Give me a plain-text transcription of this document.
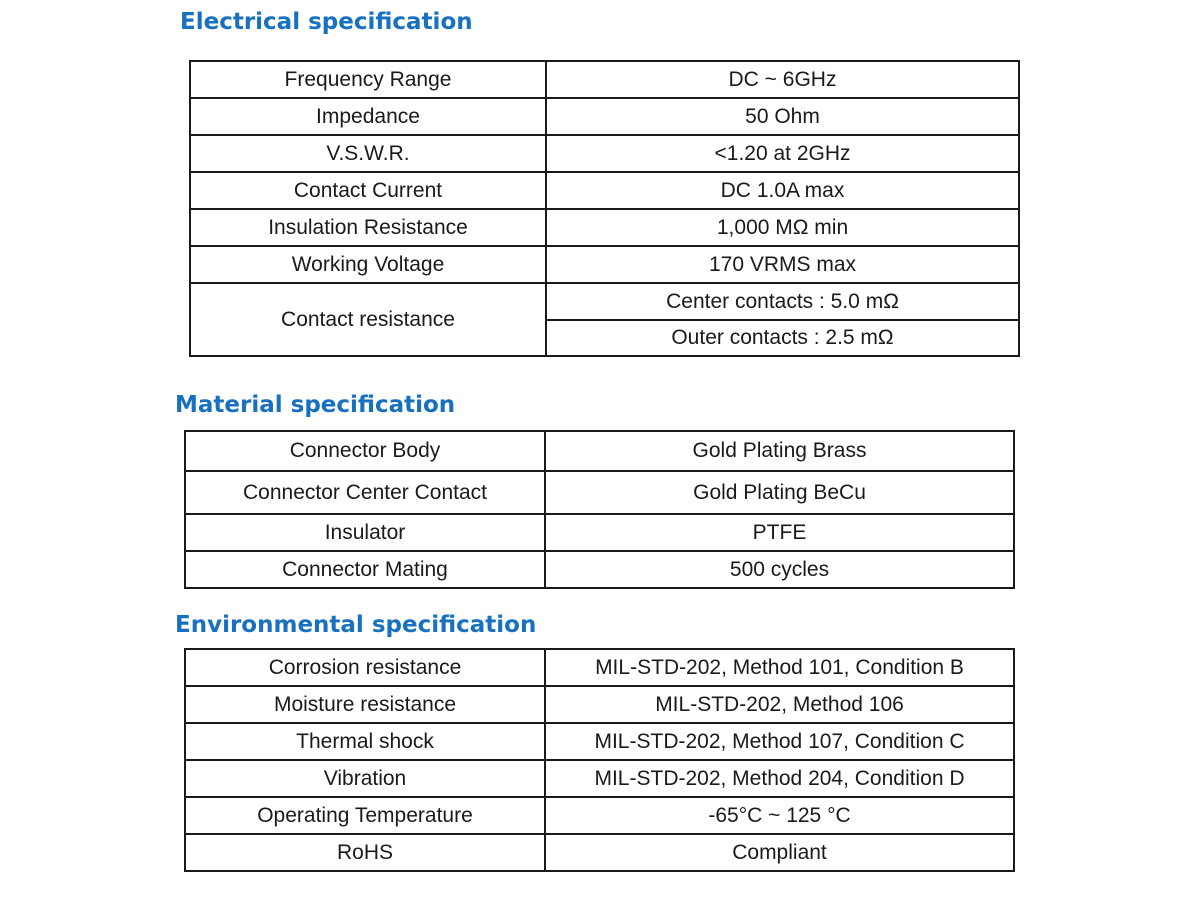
Electrical specification
Frequency Range	DC ~ 6GHz
Impedance	50 Ohm
V.S.W.R.	<1.20 at 2GHz
Contact Current	DC 1.0A max
Insulation Resistance	1,000 MΩ min
Working Voltage	170 VRMS max
Contact resistance	Center contacts : 5.0 mΩ
	Outer contacts : 2.5 mΩ
Material specification
Connector Body	Gold Plating Brass
Connector Center Contact	Gold Plating BeCu
Insulator	PTFE
Connector Mating	500 cycles
Environmental specification
Corrosion resistance	MIL-STD-202, Method 101, Condition B
Moisture resistance	MIL-STD-202, Method 106
Thermal shock	MIL-STD-202, Method 107, Condition C
Vibration	MIL-STD-202, Method 204, Condition D
Operating Temperature	-65°C ~ 125 °C
RoHS	Compliant
